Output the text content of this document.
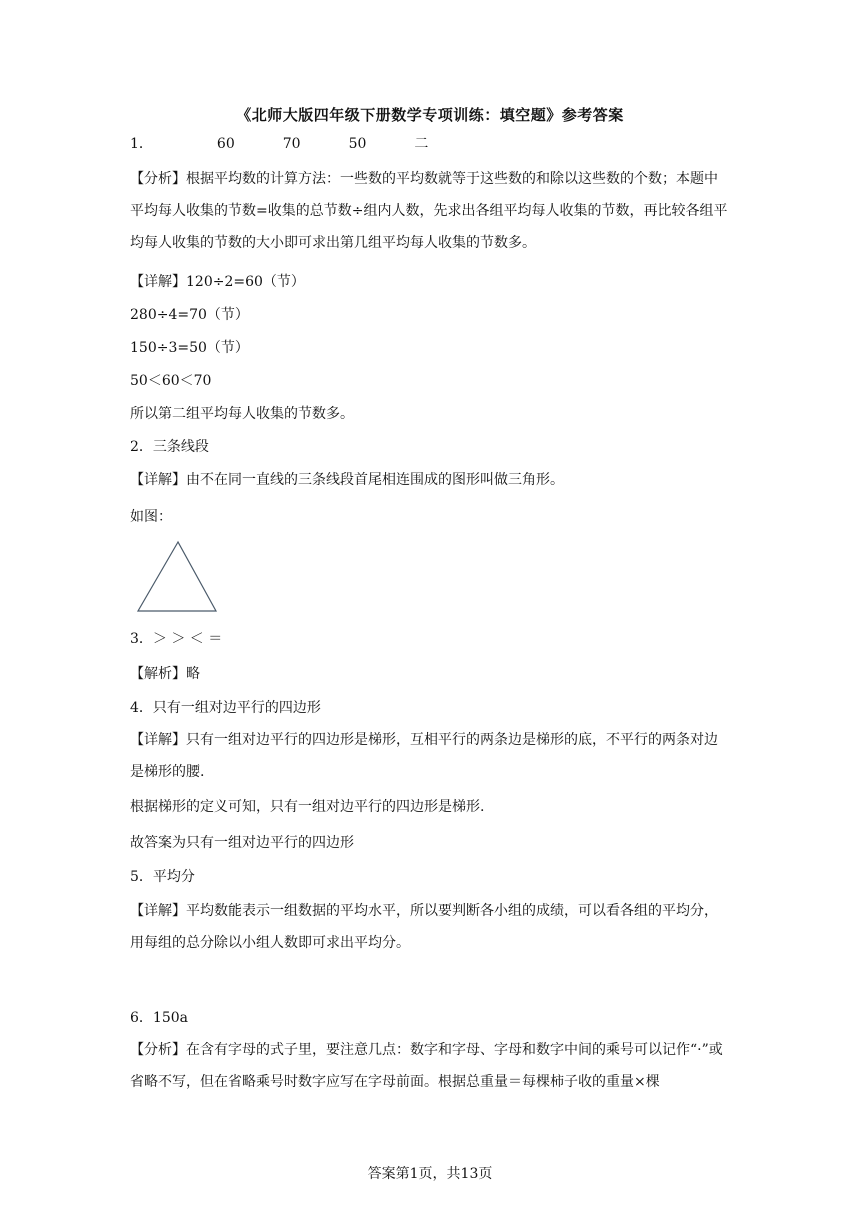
《北师大版四年级下册数学专项训练：填空题》参考答案
1．	60	70	50	二
【分析】根据平均数的计算方法：一些数的平均数就等于这些数的和除以这些数的个数；本题中平均每人收集的节数=收集的总节数÷组内人数，先求出各组平均每人收集的节数，再比较各组平均每人收集的节数的大小即可求出第几组平均每人收集的节数多。
【详解】120÷2=60（节）
280÷4=70（节）
150÷3=50（节）
50＜60＜70
所以第二组平均每人收集的节数多。
2．三条线段
【详解】由不在同一直线的三条线段首尾相连围成的图形叫做三角形。
如图：
3．＞ ＞ ＜ ＝
【解析】略
4．只有一组对边平行的四边形
【详解】只有一组对边平行的四边形是梯形，互相平行的两条边是梯形的底，不平行的两条对边是梯形的腰.
根据梯形的定义可知，只有一组对边平行的四边形是梯形.
故答案为只有一组对边平行的四边形
5．平均分
【详解】平均数能表示一组数据的平均水平，所以要判断各小组的成绩，可以看各组的平均分，用每组的总分除以小组人数即可求出平均分。
6．150a
【分析】在含有字母的式子里，要注意几点：数字和字母、字母和数字中间的乘号可以记作“·”或省略不写，但在省略乘号时数字应写在字母前面。根据总重量＝每棵柿子收的重量×棵
答案第1页，共13页
